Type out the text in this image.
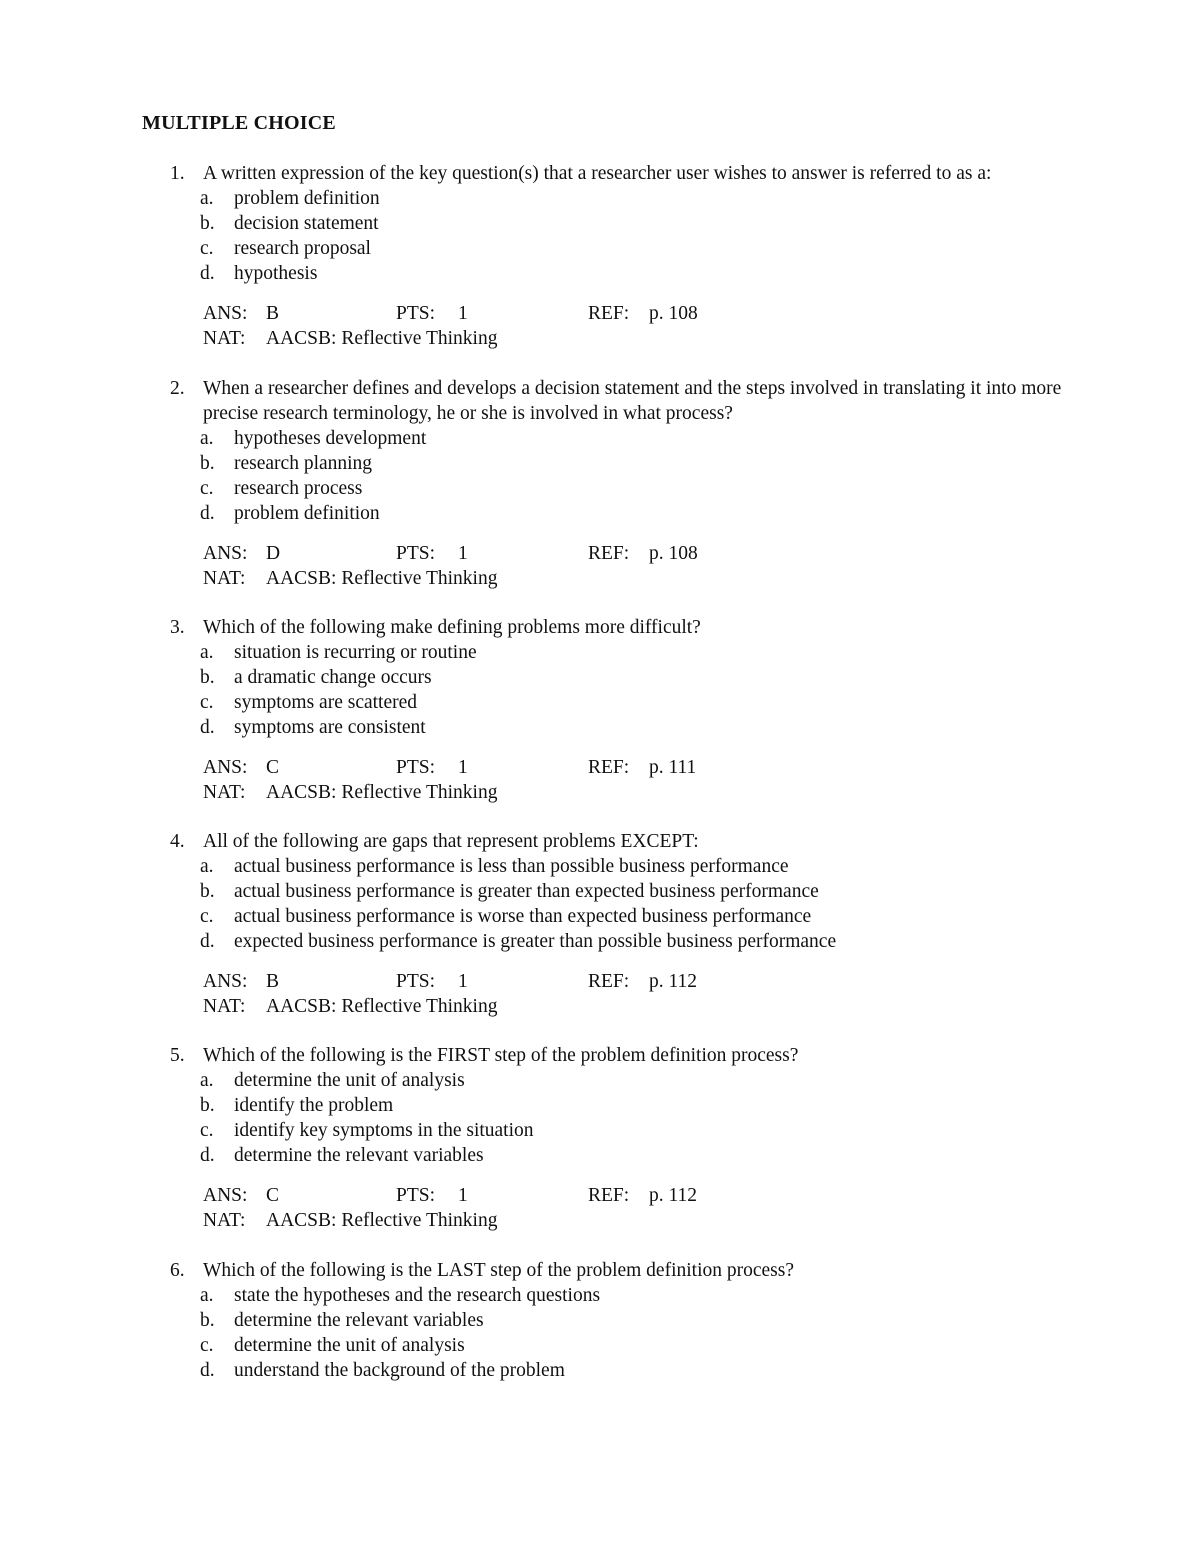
MULTIPLE CHOICE
1. A written expression of the key question(s) that a researcher user wishes to answer is referred to as a:
a. problem definition
b. decision statement
c. research proposal
d. hypothesis
ANS: B	PTS: 1	REF: p. 108
NAT: AACSB: Reflective Thinking
2. When a researcher defines and develops a decision statement and the steps involved in translating it into more precise research terminology, he or she is involved in what process?
a. hypotheses development
b. research planning
c. research process
d. problem definition
ANS: D	PTS: 1	REF: p. 108
NAT: AACSB: Reflective Thinking
3. Which of the following make defining problems more difficult?
a. situation is recurring or routine
b. a dramatic change occurs
c. symptoms are scattered
d. symptoms are consistent
ANS: C	PTS: 1	REF: p. 111
NAT: AACSB: Reflective Thinking
4. All of the following are gaps that represent problems EXCEPT:
a. actual business performance is less than possible business performance
b. actual business performance is greater than expected business performance
c. actual business performance is worse than expected business performance
d. expected business performance is greater than possible business performance
ANS: B	PTS: 1	REF: p. 112
NAT: AACSB: Reflective Thinking
5. Which of the following is the FIRST step of the problem definition process?
a. determine the unit of analysis
b. identify the problem
c. identify key symptoms in the situation
d. determine the relevant variables
ANS: C	PTS: 1	REF: p. 112
NAT: AACSB: Reflective Thinking
6. Which of the following is the LAST step of the problem definition process?
a. state the hypotheses and the research questions
b. determine the relevant variables
c. determine the unit of analysis
d. understand the background of the problem
